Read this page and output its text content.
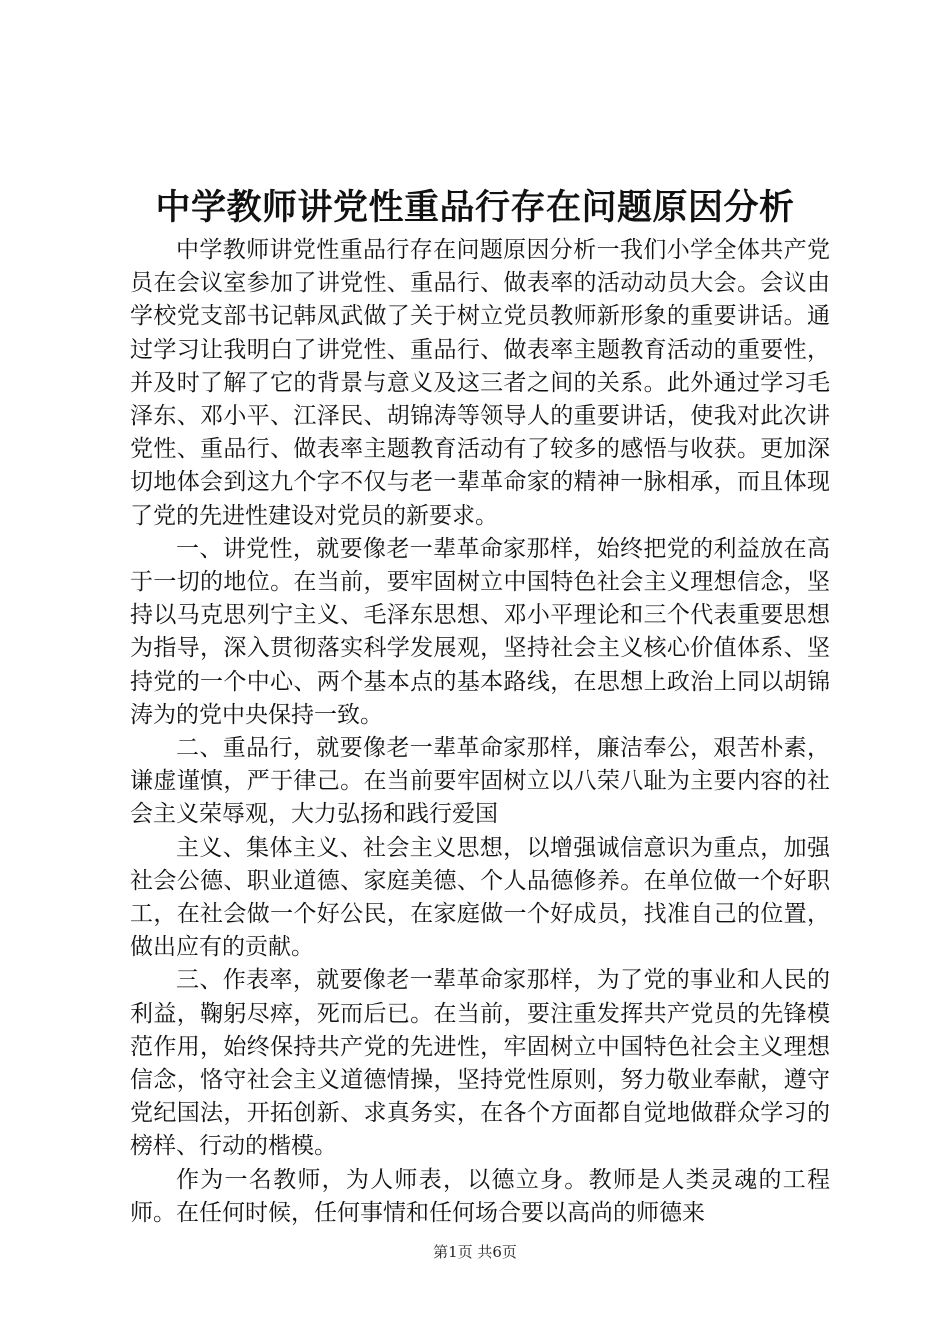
中学教师讲党性重品行存在问题原因分析

中学教师讲党性重品行存在问题原因分析一我们小学全体共产党员在会议室参加了讲党性、重品行、做表率的活动动员大会。会议由学校党支部书记韩凤武做了关于树立党员教师新形象的重要讲话。通过学习让我明白了讲党性、重品行、做表率主题教育活动的重要性，并及时了解了它的背景与意义及这三者之间的关系。此外通过学习毛泽东、邓小平、江泽民、胡锦涛等领导人的重要讲话，使我对此次讲党性、重品行、做表率主题教育活动有了较多的感悟与收获。更加深切地体会到这九个字不仅与老一辈革命家的精神一脉相承，而且体现了党的先进性建设对党员的新要求。

一、讲党性，就要像老一辈革命家那样，始终把党的利益放在高于一切的地位。在当前，要牢固树立中国特色社会主义理想信念，坚持以马克思列宁主义、毛泽东思想、邓小平理论和三个代表重要思想为指导，深入贯彻落实科学发展观，坚持社会主义核心价值体系、坚持党的一个中心、两个基本点的基本路线，在思想上政治上同以胡锦涛为的党中央保持一致。

二、重品行，就要像老一辈革命家那样，廉洁奉公，艰苦朴素，谦虚谨慎，严于律己。在当前要牢固树立以八荣八耻为主要内容的社会主义荣辱观，大力弘扬和践行爱国

主义、集体主义、社会主义思想，以增强诚信意识为重点，加强社会公德、职业道德、家庭美德、个人品德修养。在单位做一个好职工，在社会做一个好公民，在家庭做一个好成员，找准自己的位置，做出应有的贡献。

三、作表率，就要像老一辈革命家那样，为了党的事业和人民的利益，鞠躬尽瘁，死而后已。在当前，要注重发挥共产党员的先锋模范作用，始终保持共产党的先进性，牢固树立中国特色社会主义理想信念，恪守社会主义道德情操，坚持党性原则，努力敬业奉献，遵守党纪国法，开拓创新、求真务实，在各个方面都自觉地做群众学习的榜样、行动的楷模。

作为一名教师，为人师表，以德立身。教师是人类灵魂的工程师。在任何时候，任何事情和任何场合要以高尚的师德来

第1页 共6页
